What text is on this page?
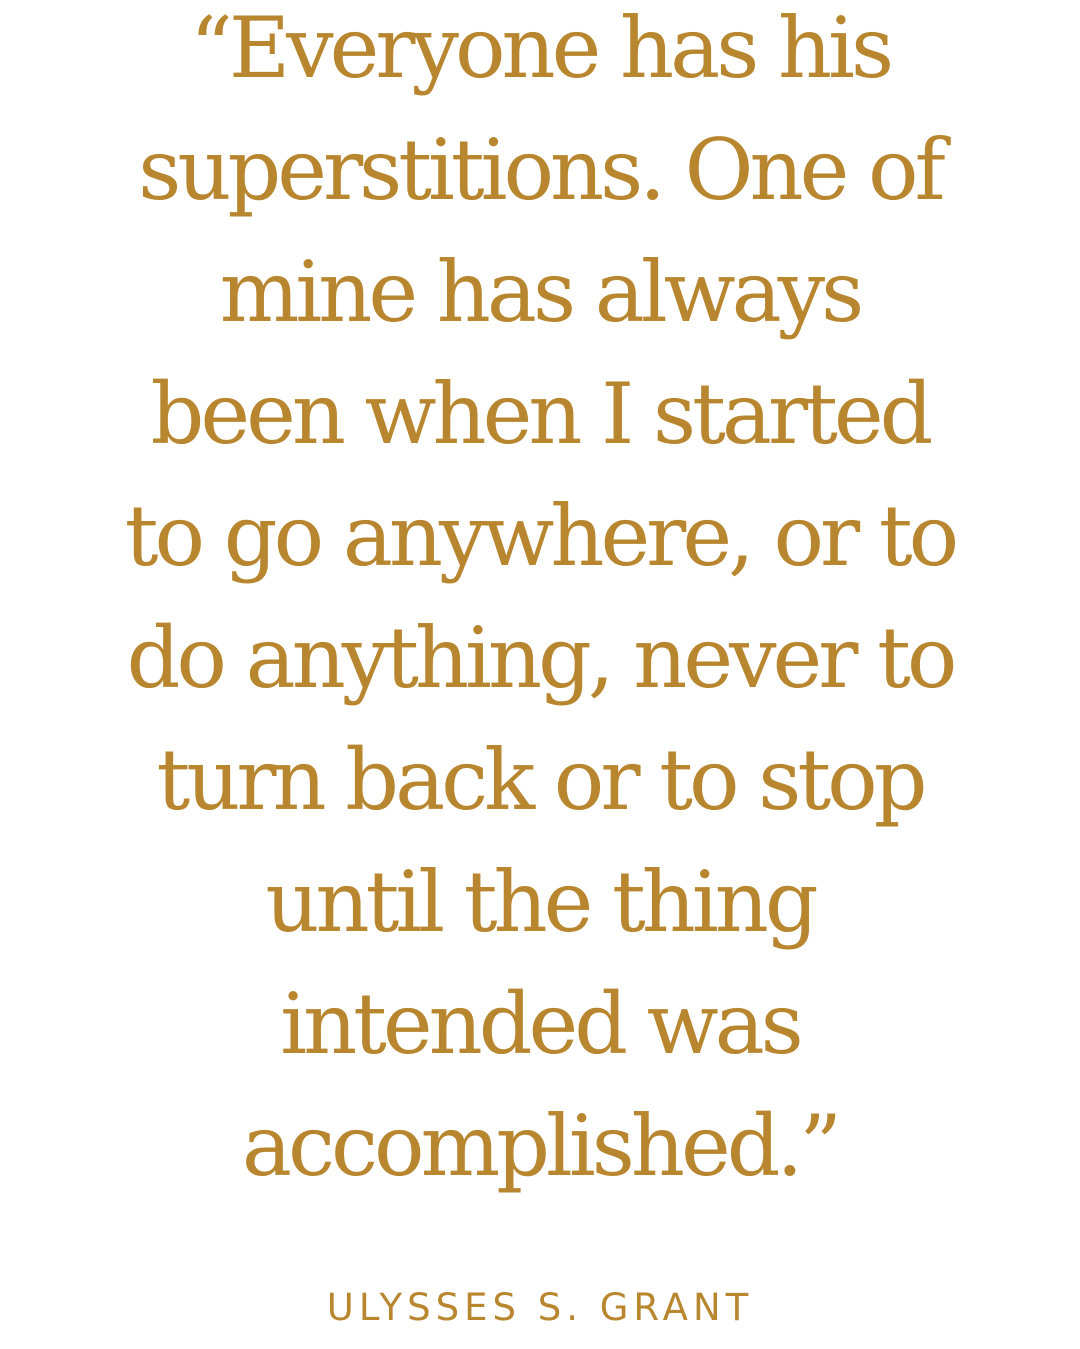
“Everyone has his
superstitions. One of
mine has always
been when I started
to go anywhere, or to
do anything, never to
turn back or to stop
until the thing
intended was
accomplished.”
ULYSSES S. GRANT
